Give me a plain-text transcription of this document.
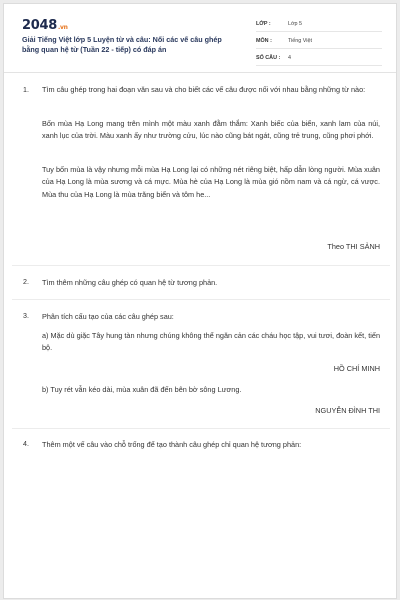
2048.vn
Giải Tiếng Việt lớp 5 Luyện từ và câu: Nối các vế câu ghép bằng quan hệ từ (Tuần 22 - tiếp) có đáp án
LỚP :	Lớp 5
MÔN :	Tiếng Việt
SỐ CÂU :	4
1. Tìm câu ghép trong hai đoạn văn sau và cho biết các vế câu được nối với nhau bằng những từ nào:
Bốn mùa Hạ Long mang trên mình một màu xanh đằm thắm: Xanh biếc của biển, xanh lam của núi, xanh lục của trời. Màu xanh ấy như trường cửu, lúc nào cũng bát ngát, cũng trẻ trung, cũng phơi phới.
Tuy bốn mùa là vậy nhưng mỗi mùa Hạ Long lại có những nét riêng biệt, hấp dẫn lòng người. Mùa xuân của Hạ Long là mùa sương và cá mực. Mùa hè của Hạ Long là mùa gió nồm nam và cá ngừ, cá vược. Mùa thu của Hạ Long là mùa trăng biển và tôm he...
Theo THI SẢNH
2. Tìm thêm những câu ghép có quan hệ từ tương phản.
3. Phân tích cấu tạo của các câu ghép sau:
a) Mặc dù giặc Tây hung tàn nhưng chúng không thể ngăn cản các cháu học tập, vui tươi, đoàn kết, tiến bộ.
HỒ CHÍ MINH
b) Tuy rét vẫn kéo dài, mùa xuân đã đến bên bờ sông Lương.
NGUYỄN ĐÌNH THI
4. Thêm một vế câu vào chỗ trống để tạo thành câu ghép chỉ quan hệ tương phản:
